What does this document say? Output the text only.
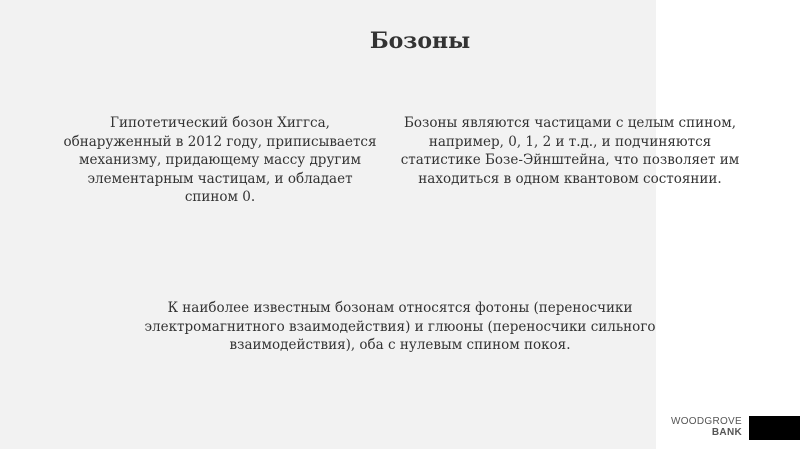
Бозоны
Гипотетический бозон Хиггса, обнаруженный в 2012 году, приписывается механизму, придающему массу другим элементарным частицам, и обладает спином 0.
Бозоны являются частицами с целым спином, например, 0, 1, 2 и т.д., и подчиняются статистике Бозе-Эйнштейна, что позволяет им находиться в одном квантовом состоянии.
К наиболее известным бозонам относятся фотоны (переносчики электромагнитного взаимодействия) и глюоны (переносчики сильного взаимодействия), оба с нулевым спином покоя.
WOODGROVE
BANK
